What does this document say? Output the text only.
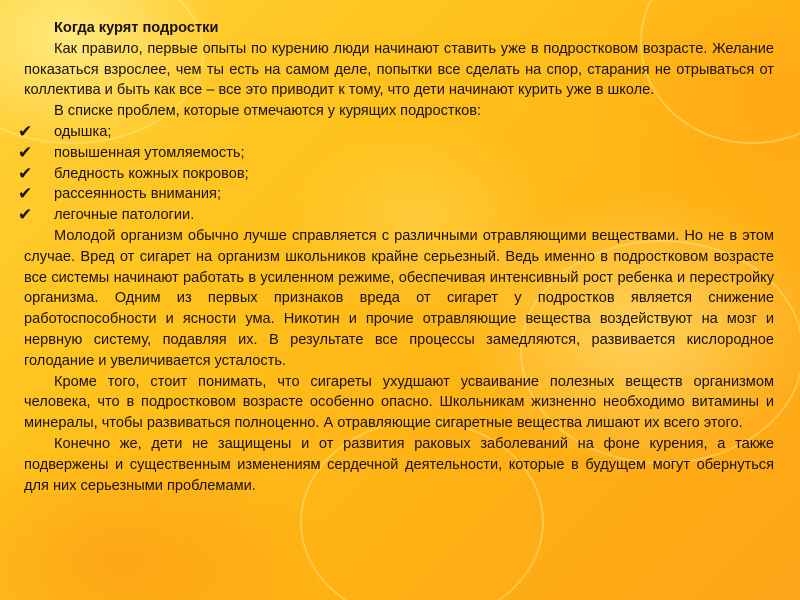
Когда курят подростки

Как правило, первые опыты по курению люди начинают ставить уже в подростковом возрасте. Желание показаться взрослее, чем ты есть на самом деле, попытки все сделать на спор, старания не отрываться от коллектива и быть как все – все это приводит к тому, что дети начинают курить уже в школе.

В списке проблем, которые отмечаются у курящих подростков:

✔ одышка;
✔ повышенная утомляемость;
✔ бледность кожных покровов;
✔ рассеянность внимания;
✔ легочные патологии.

Молодой организм обычно лучше справляется с различными отравляющими веществами. Но не в этом случае. Вред от сигарет на организм школьников крайне серьезный. Ведь именно в подростковом возрасте все системы начинают работать в усиленном режиме, обеспечивая интенсивный рост ребенка и перестройку организма. Одним из первых признаков вреда от сигарет у подростков является снижение работоспособности и ясности ума. Никотин и прочие отравляющие вещества воздействуют на мозг и нервную систему, подавляя их. В результате все процессы замедляются, развивается кислородное голодание и увеличивается усталость.

Кроме того, стоит понимать, что сигареты ухудшают усваивание полезных веществ организмом человека, что в подростковом возрасте особенно опасно. Школьникам жизненно необходимо витамины и минералы, чтобы развиваться полноценно. А отравляющие сигаретные вещества лишают их всего этого.

Конечно же, дети не защищены и от развития раковых заболеваний на фоне курения, а также подвержены и существенным изменениям сердечной деятельности, которые в будущем могут обернуться для них серьезными проблемами.
